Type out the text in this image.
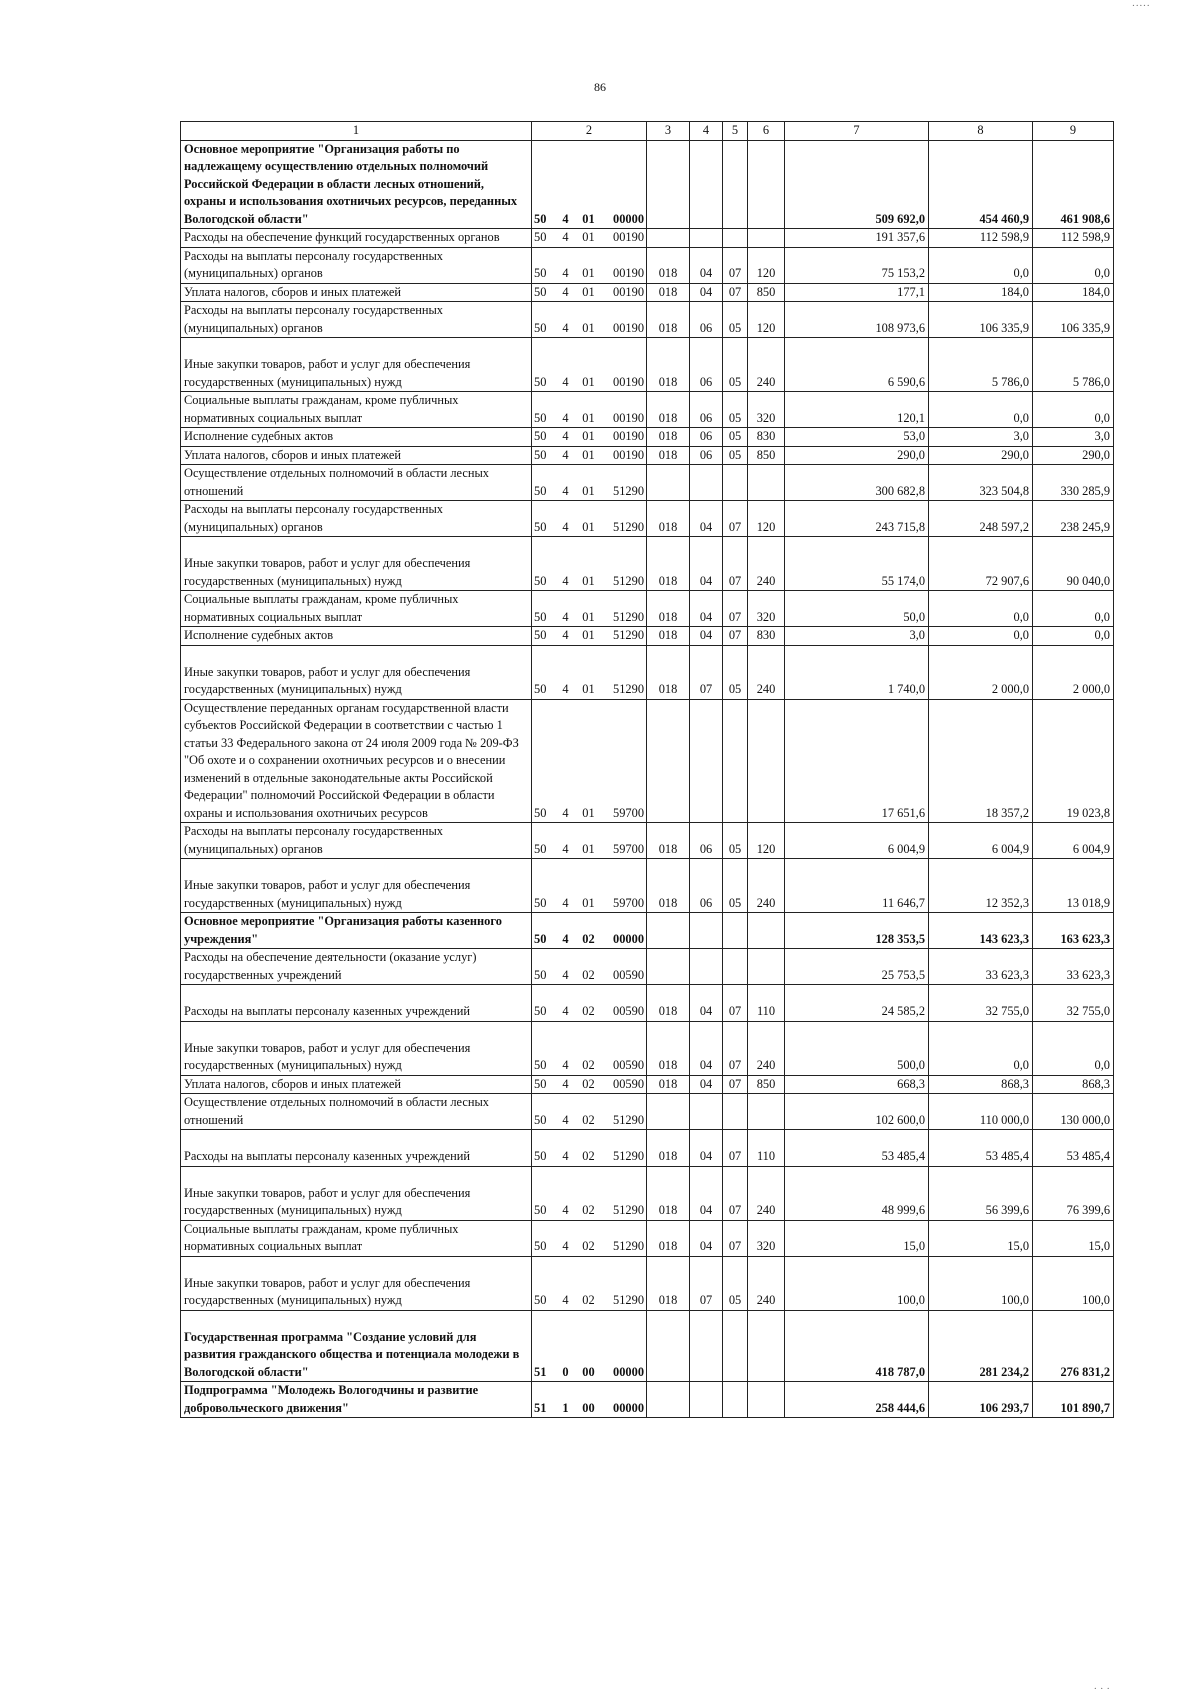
86
·····
· · ·
1	2				3	4	5	6	7	8	9
Основное мероприятие "Организация работы по надлежащему осуществлению отдельных полномочий Российской Федерации в области лесных отношений, охраны и использования охотничьих ресурсов, переданных Вологодской области"	50	4	01	00000					509 692,0	454 460,9	461 908,6
Расходы на обеспечение функций государственных органов	50	4	01	00190					191 357,6	112 598,9	112 598,9
Расходы на выплаты персоналу государственных (муниципальных) органов	50	4	01	00190	018	04	07	120	75 153,2	0,0	0,0
Уплата налогов, сборов и иных платежей	50	4	01	00190	018	04	07	850	177,1	184,0	184,0
Расходы на выплаты персоналу государственных (муниципальных) органов	50	4	01	00190	018	06	05	120	108 973,6	106 335,9	106 335,9
Иные закупки товаров, работ и услуг для обеспечения государственных (муниципальных) нужд	50	4	01	00190	018	06	05	240	6 590,6	5 786,0	5 786,0
Социальные выплаты гражданам, кроме публичных нормативных социальных выплат	50	4	01	00190	018	06	05	320	120,1	0,0	0,0
Исполнение судебных актов	50	4	01	00190	018	06	05	830	53,0	3,0	3,0
Уплата налогов, сборов и иных платежей	50	4	01	00190	018	06	05	850	290,0	290,0	290,0
Осуществление отдельных полномочий в области лесных отношений	50	4	01	51290					300 682,8	323 504,8	330 285,9
Расходы на выплаты персоналу государственных (муниципальных) органов	50	4	01	51290	018	04	07	120	243 715,8	248 597,2	238 245,9
Иные закупки товаров, работ и услуг для обеспечения государственных (муниципальных) нужд	50	4	01	51290	018	04	07	240	55 174,0	72 907,6	90 040,0
Социальные выплаты гражданам, кроме публичных нормативных социальных выплат	50	4	01	51290	018	04	07	320	50,0	0,0	0,0
Исполнение судебных актов	50	4	01	51290	018	04	07	830	3,0	0,0	0,0
Иные закупки товаров, работ и услуг для обеспечения государственных (муниципальных) нужд	50	4	01	51290	018	07	05	240	1 740,0	2 000,0	2 000,0
Осуществление переданных органам государственной власти субъектов Российской Федерации в соответствии с частью 1 статьи 33 Федерального закона от 24 июля 2009 года № 209-ФЗ "Об охоте и о сохранении охотничьих ресурсов и о внесении изменений в отдельные законодательные акты Российской Федерации" полномочий Российской Федерации в области охраны и использования охотничьих ресурсов	50	4	01	59700					17 651,6	18 357,2	19 023,8
Расходы на выплаты персоналу государственных (муниципальных) органов	50	4	01	59700	018	06	05	120	6 004,9	6 004,9	6 004,9
Иные закупки товаров, работ и услуг для обеспечения государственных (муниципальных) нужд	50	4	01	59700	018	06	05	240	11 646,7	12 352,3	13 018,9
Основное мероприятие "Организация работы казенного учреждения"	50	4	02	00000					128 353,5	143 623,3	163 623,3
Расходы на обеспечение деятельности (оказание услуг) государственных учреждений	50	4	02	00590					25 753,5	33 623,3	33 623,3
Расходы на выплаты персоналу казенных учреждений	50	4	02	00590	018	04	07	110	24 585,2	32 755,0	32 755,0
Иные закупки товаров, работ и услуг для обеспечения государственных (муниципальных) нужд	50	4	02	00590	018	04	07	240	500,0	0,0	0,0
Уплата налогов, сборов и иных платежей	50	4	02	00590	018	04	07	850	668,3	868,3	868,3
Осуществление отдельных полномочий в области лесных отношений	50	4	02	51290					102 600,0	110 000,0	130 000,0
Расходы на выплаты персоналу казенных учреждений	50	4	02	51290	018	04	07	110	53 485,4	53 485,4	53 485,4
Иные закупки товаров, работ и услуг для обеспечения государственных (муниципальных) нужд	50	4	02	51290	018	04	07	240	48 999,6	56 399,6	76 399,6
Социальные выплаты гражданам, кроме публичных нормативных социальных выплат	50	4	02	51290	018	04	07	320	15,0	15,0	15,0
Иные закупки товаров, работ и услуг для обеспечения государственных (муниципальных) нужд	50	4	02	51290	018	07	05	240	100,0	100,0	100,0
Государственная программа "Создание условий для развития гражданского общества и потенциала молодежи в Вологодской области"	51	0	00	00000					418 787,0	281 234,2	276 831,2
Подпрограмма "Молодежь Вологодчины и развитие добровольческого движения"	51	1	00	00000					258 444,6	106 293,7	101 890,7
